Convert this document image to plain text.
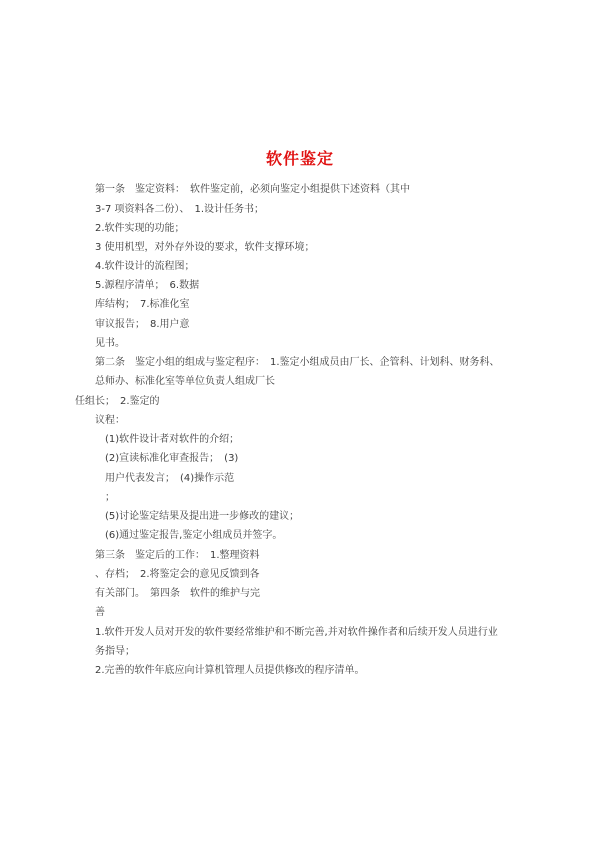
软件鉴定
第一条　鉴定资料：　软件鉴定前，必须向鉴定小组提供下述资料（其中
3-7 项资料各二份）、　1.设计任务书；
2.软件实现的功能；
3 使用机型，对外存外设的要求，软件支撑环境；
4.软件设计的流程图；
5.源程序清单；　6.数据
库结构；　7.标准化室
审议报告；　8.用户意
见书。
第二条　鉴定小组的组成与鉴定程序：　1.鉴定小组成员由厂长、企管科、计划科、财务科、
总师办、标准化室等单位负责人组成厂长
任组长；　2.鉴定的
议程：
(1)软件设计者对软件的介绍；
(2)宣读标准化审查报告；　(3)
用户代表发言；　(4)操作示范
；
(5)讨论鉴定结果及提出进一步修改的建议；
(6)通过鉴定报告,鉴定小组成员并签字。
第三条　鉴定后的工作：　1.整理资料
、存档；　2.将鉴定会的意见反馈到各
有关部门。　第四条　软件的维护与完
善
1.软件开发人员对开发的软件要经常维护和不断完善,并对软件操作者和后续开发人员进行业
务指导；
2.完善的软件年底应向计算机管理人员提供修改的程序清单。
